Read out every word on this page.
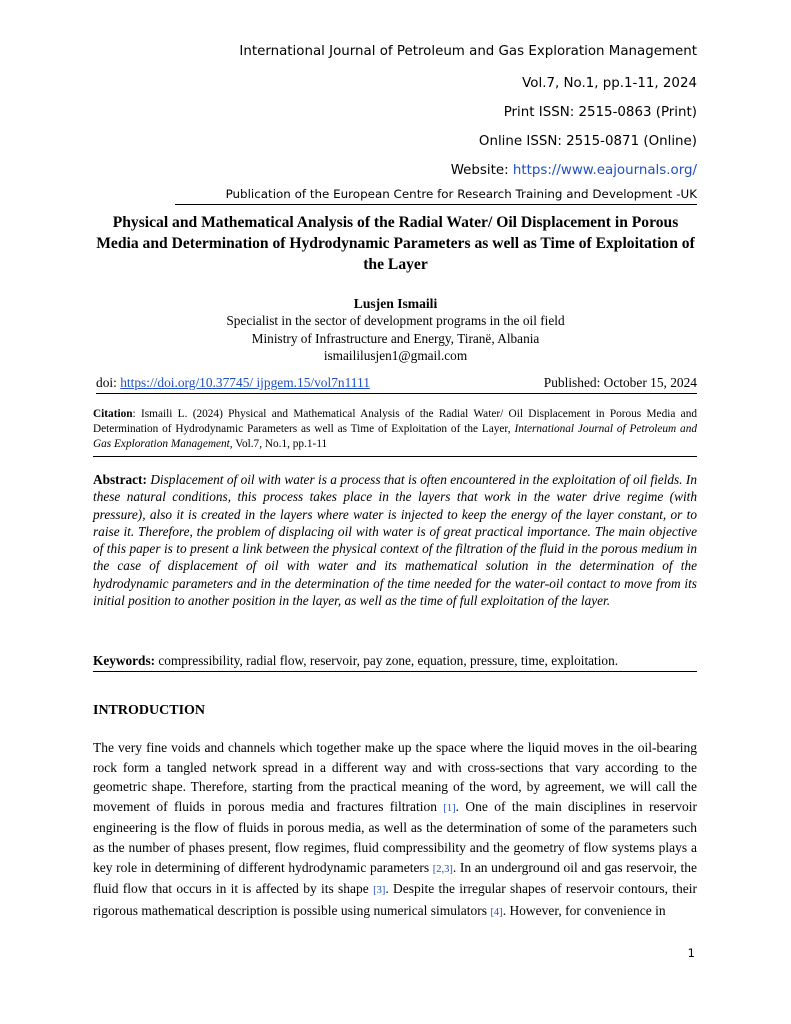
International Journal of Petroleum and Gas Exploration Management
Vol.7, No.1, pp.1-11, 2024
Print ISSN: 2515-0863 (Print)
Online ISSN: 2515-0871 (Online)
Website: https://www.eajournals.org/
Publication of the European Centre for Research Training and Development -UK
Physical and Mathematical Analysis of the Radial Water/ Oil Displacement in Porous Media and Determination of Hydrodynamic Parameters as well as Time of Exploitation of the Layer
Lusjen Ismaili
Specialist in the sector of development programs in the oil field
Ministry of Infrastructure and Energy, Tiranë, Albania
ismaililusjen1@gmail.com
doi: https://doi.org/10.37745/ ijpgem.15/vol7n1111	Published: October 15, 2024
Citation: Ismaili L. (2024) Physical and Mathematical Analysis of the Radial Water/ Oil Displacement in Porous Media and Determination of Hydrodynamic Parameters as well as Time of Exploitation of the Layer, International Journal of Petroleum and Gas Exploration Management, Vol.7, No.1, pp.1-11
Abstract: Displacement of oil with water is a process that is often encountered in the exploitation of oil fields. In these natural conditions, this process takes place in the layers that work in the water drive regime (with pressure), also it is created in the layers where water is injected to keep the energy of the layer constant, or to raise it. Therefore, the problem of displacing oil with water is of great practical importance. The main objective of this paper is to present a link between the physical context of the filtration of the fluid in the porous medium in the case of displacement of oil with water and its mathematical solution in the determination of the hydrodynamic parameters and in the determination of the time needed for the water-oil contact to move from its initial position to another position in the layer, as well as the time of full exploitation of the layer.
Keywords: compressibility, radial flow, reservoir, pay zone, equation, pressure, time, exploitation.
INTRODUCTION
The very fine voids and channels which together make up the space where the liquid moves in the oil-bearing rock form a tangled network spread in a different way and with cross-sections that vary according to the geometric shape. Therefore, starting from the practical meaning of the word, by agreement, we will call the movement of fluids in porous media and fractures filtration [1]. One of the main disciplines in reservoir engineering is the flow of fluids in porous media, as well as the determination of some of the parameters such as the number of phases present, flow regimes, fluid compressibility and the geometry of flow systems plays a key role in determining of different hydrodynamic parameters [2,3]. In an underground oil and gas reservoir, the fluid flow that occurs in it is affected by its shape [3]. Despite the irregular shapes of reservoir contours, their rigorous mathematical description is possible using numerical simulators [4]. However, for convenience in
1
